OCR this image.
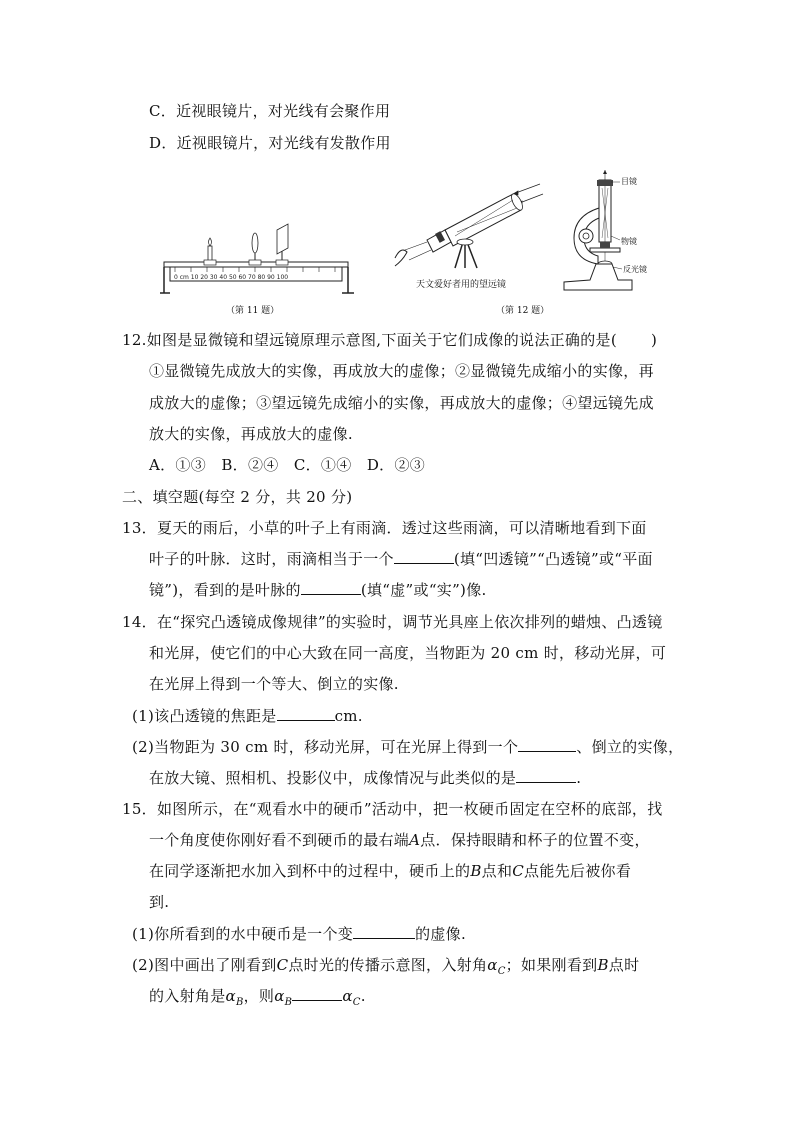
C．近视眼镜片，对光线有会聚作用
D．近视眼镜片，对光线有发散作用
0 cm 10 20 30 40 50 60 70 80 90 100
（第 11 题）
天文爱好者用的望远镜
目镜
物镜
反光镜
（第 12 题）
12.如图是显微镜和望远镜原理示意图,下面关于它们成像的说法正确的是( )
①显微镜先成放大的实像，再成放大的虚像；②显微镜先成缩小的实像，再
成放大的虚像；③望远镜先成缩小的实像，再成放大的虚像；④望远镜先成
放大的实像，再成放大的虚像.
A．①③　B．②④　C．①④　D．②③
二、填空题(每空 2 分，共 20 分)
13．夏天的雨后，小草的叶子上有雨滴．透过这些雨滴，可以清晰地看到下面
叶子的叶脉．这时，雨滴相当于一个	(填“凹透镜”“凸透镜”或“平面
镜”)，看到的是叶脉的	(填“虚”或“实”)像.
14．在“探究凸透镜成像规律”的实验时，调节光具座上依次排列的蜡烛、凸透镜
和光屏，使它们的中心大致在同一高度，当物距为 20 cm 时，移动光屏，可
在光屏上得到一个等大、倒立的实像.
(1)该凸透镜的焦距是	cm.
(2)当物距为 30 cm 时，移动光屏，可在光屏上得到一个	、倒立的实像，
在放大镜、照相机、投影仪中，成像情况与此类似的是	.
15．如图所示，在“观看水中的硬币”活动中，把一枚硬币固定在空杯的底部，找
一个角度使你刚好看不到硬币的最右端A点．保持眼睛和杯子的位置不变，
在同学逐渐把水加入到杯中的过程中，硬币上的B点和C点能先后被你看
到.
(1)你所看到的水中硬币是一个变	的虚像.
(2)图中画出了刚看到C点时光的传播示意图，入射角$\alpha_C$；如果刚看到B点时
的入射角是$\alpha_B$，则$\alpha_B$	$\alpha_C$.
